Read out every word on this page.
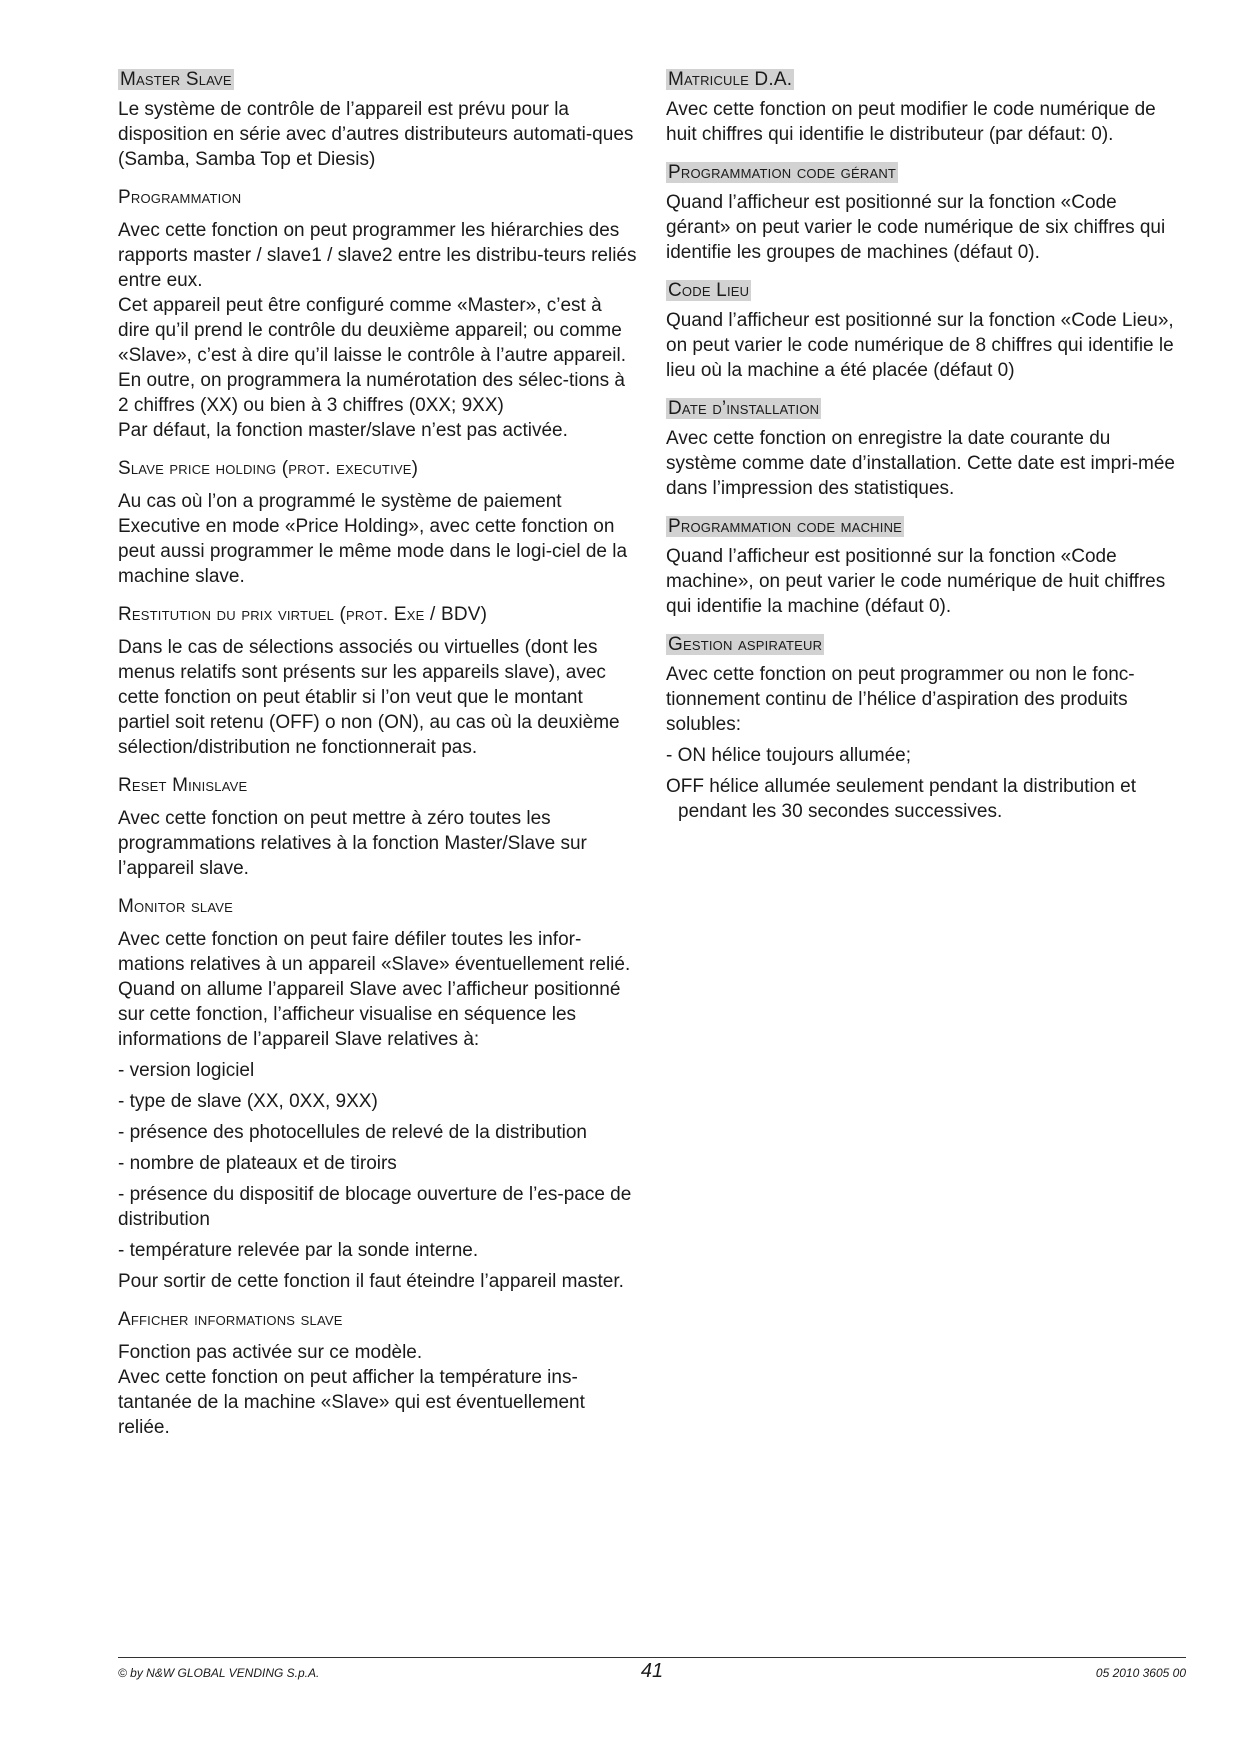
Master Slave

Le système de contrôle de l’appareil est prévu pour la disposition en série avec d’autres distributeurs automati-ques (Samba, Samba Top et Diesis)

Programmation

Avec cette fonction on peut programmer les hiérarchies des rapports master / slave1 / slave2 entre les distribu-teurs reliés entre eux.

Cet appareil peut être configuré comme «Master», c’est à dire qu’il prend le contrôle du deuxième appareil; ou comme «Slave», c’est à dire qu’il laisse le contrôle à l’autre appareil.

En outre, on programmera la numérotation des sélec-tions à 2 chiffres (XX) ou bien à 3 chiffres (0XX; 9XX)

Par défaut, la fonction master/slave n’est pas activée.

Slave price holding (prot. executive)

Au cas où l’on a programmé le système de paiement Executive en mode «Price Holding», avec cette fonction on peut aussi programmer le même mode dans le logi-ciel de la machine slave.

Restitution du prix virtuel (prot. Exe / BDV)

Dans le cas de sélections associés ou virtuelles (dont les menus relatifs sont présents sur les appareils slave), avec cette fonction on peut établir si l’on veut que le montant partiel soit retenu (OFF) o non (ON), au cas où la deuxième sélection/distribution ne fonctionnerait pas.

Reset Minislave

Avec cette fonction on peut mettre à zéro toutes les programmations relatives à la fonction Master/Slave sur l’appareil slave.

Monitor slave

Avec cette fonction on peut faire défiler toutes les infor-mations relatives à un appareil «Slave» éventuellement relié. Quand on allume l’appareil Slave avec l’afficheur positionné sur cette fonction, l’afficheur visualise en séquence les informations de l’appareil Slave relatives à:

- version logiciel

- type de slave (XX, 0XX, 9XX)

- présence des photocellules de relevé de la distribution

- nombre de plateaux et de tiroirs

- présence du dispositif de blocage ouverture de l’es-pace de distribution

- température relevée par la sonde interne.

Pour sortir de cette fonction il faut éteindre l’appareil master.

Afficher informations slave

Fonction pas activée sur ce modèle.

Avec cette fonction on peut afficher la température ins-tantanée de la machine «Slave» qui est éventuellement reliée.

Matricule D.A.

Avec cette fonction on peut modifier le code numérique de huit chiffres qui identifie le distributeur (par défaut: 0).

Programmation code gérant

Quand l’afficheur est positionné sur la fonction «Code gérant» on peut varier le code numérique de six chiffres qui identifie les groupes de machines (défaut 0).

Code Lieu

Quand l’afficheur est positionné sur la fonction «Code Lieu», on peut varier le code numérique de 8 chiffres qui identifie le lieu où la machine a été placée (défaut 0)

Date d’installation

Avec cette fonction on enregistre la date courante du système comme date d’installation. Cette date est impri-mée dans l’impression des statistiques.

Programmation code machine

Quand l’afficheur est positionné sur la fonction «Code machine», on peut varier le code numérique de huit chiffres qui identifie la machine (défaut 0).

Gestion aspirateur

Avec cette fonction on peut programmer ou non le fonc-tionnement continu de l’hélice d’aspiration des produits solubles:

- ON hélice toujours allumée;

OFF hélice allumée seulement pendant la distribution et pendant les 30 secondes successives.

© by N&W GLOBAL VENDING S.p.A.	41	05 2010 3605 00
